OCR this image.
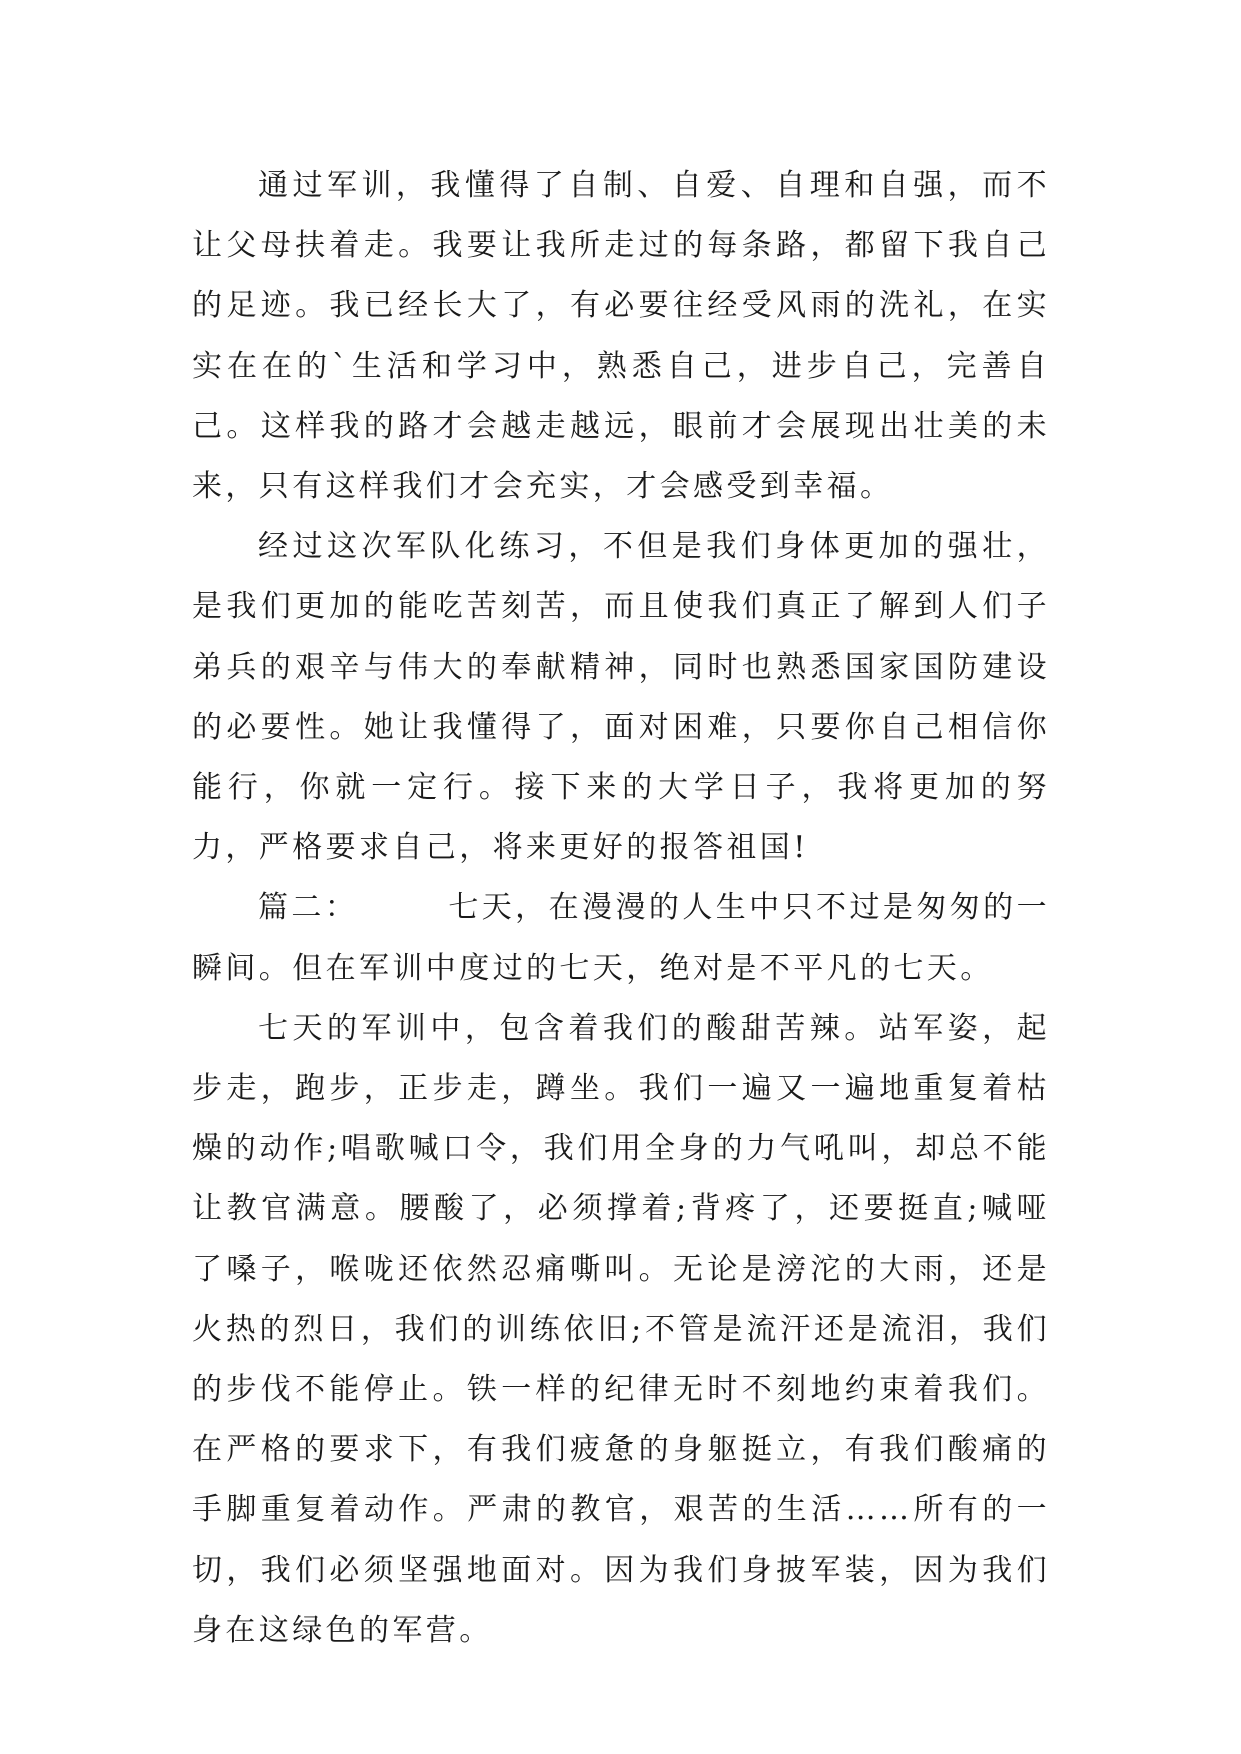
通过军训，我懂得了自制、自爱、自理和自强，而不让父母扶着走。我要让我所走过的每条路，都留下我自己的足迹。我已经长大了，有必要往经受风雨的洗礼，在实实在在的`生活和学习中，熟悉自己，进步自己，完善自己。这样我的路才会越走越远，眼前才会展现出壮美的未来，只有这样我们才会充实，才会感受到幸福。

经过这次军队化练习，不但是我们身体更加的强壮，是我们更加的能吃苦刻苦，而且使我们真正了解到人们子弟兵的艰辛与伟大的奉献精神，同时也熟悉国家国防建设的必要性。她让我懂得了，面对困难，只要你自己相信你能行，你就一定行。接下来的大学日子，我将更加的努力，严格要求自己，将来更好的报答祖国!

篇二：	七天，在漫漫的人生中只不过是匆匆的一瞬间。但在军训中度过的七天，绝对是不平凡的七天。

七天的军训中，包含着我们的酸甜苦辣。站军姿，起步走，跑步，正步走，蹲坐。我们一遍又一遍地重复着枯燥的动作;唱歌喊口令，我们用全身的力气吼叫，却总不能让教官满意。腰酸了，必须撑着;背疼了，还要挺直;喊哑了嗓子，喉咙还依然忍痛嘶叫。无论是滂沱的大雨，还是火热的烈日，我们的训练依旧;不管是流汗还是流泪，我们的步伐不能停止。铁一样的纪律无时不刻地约束着我们。在严格的要求下，有我们疲惫的身躯挺立，有我们酸痛的手脚重复着动作。严肃的教官，艰苦的生活……所有的一切，我们必须坚强地面对。因为我们身披军装，因为我们身在这绿色的军营。
